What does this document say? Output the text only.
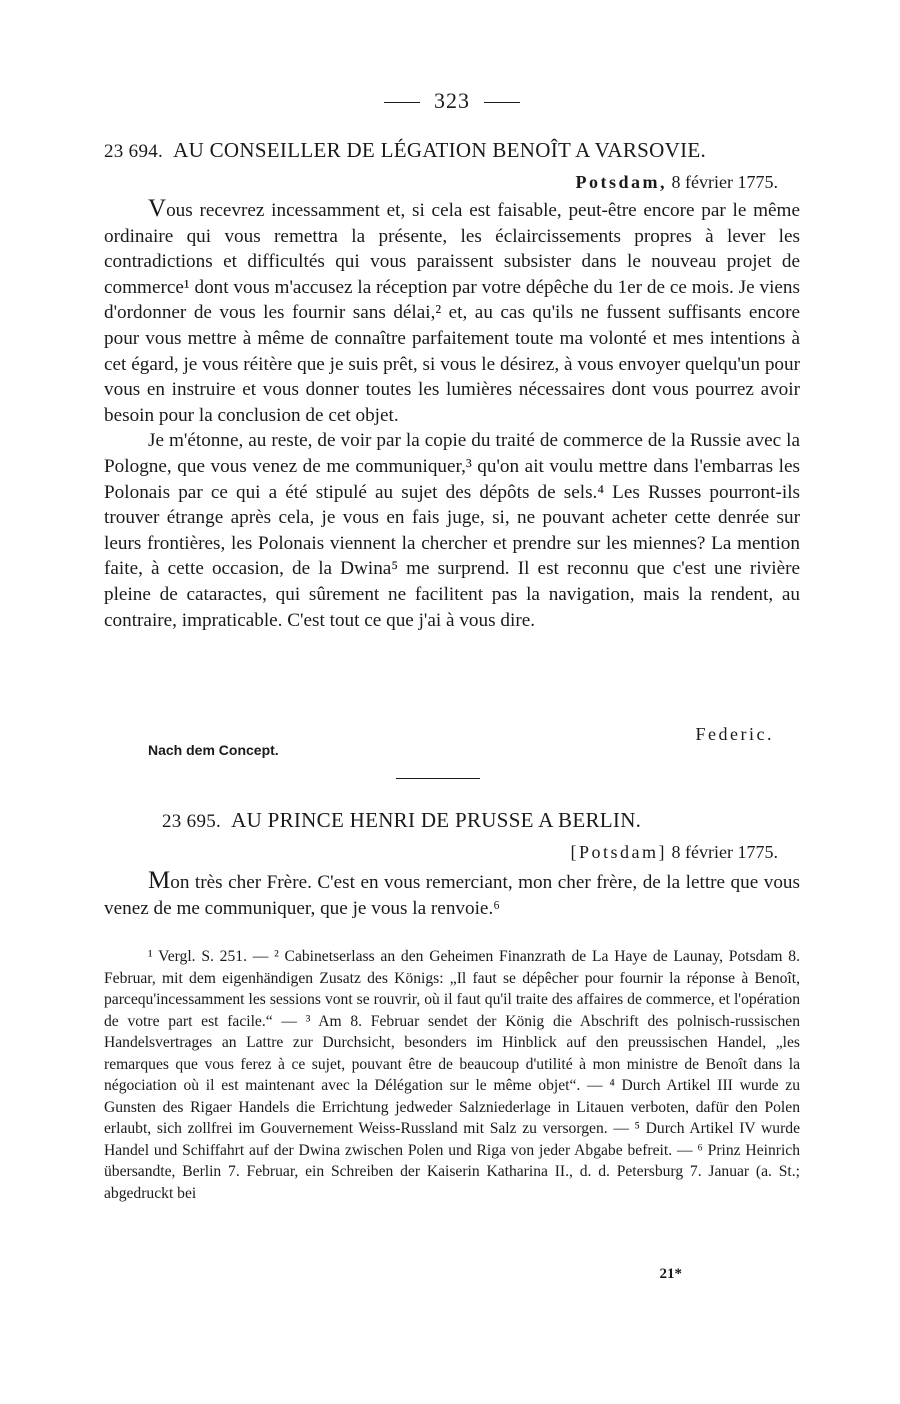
323
23 694. AU CONSEILLER DE LÉGATION BENOÎT A VARSOVIE.
Potsdam, 8 février 1775.

Vous recevrez incessamment et, si cela est faisable, peut-être encore par le même ordinaire qui vous remettra la présente, les éclaircissements propres à lever les contradictions et difficultés qui vous paraissent subsister dans le nouveau projet de commerce¹ dont vous m'accusez la réception par votre dépêche du 1er de ce mois. Je viens d'ordonner de vous les fournir sans délai,² et, au cas qu'ils ne fussent suffisants encore pour vous mettre à même de connaître parfaitement toute ma volonté et mes intentions à cet égard, je vous réitère que je suis prêt, si vous le désirez, à vous envoyer quelqu'un pour vous en instruire et vous donner toutes les lumières nécessaires dont vous pourrez avoir besoin pour la conclusion de cet objet.

Je m'étonne, au reste, de voir par la copie du traité de commerce de la Russie avec la Pologne, que vous venez de me communiquer,³ qu'on ait voulu mettre dans l'embarras les Polonais par ce qui a été stipulé au sujet des dépôts de sels.⁴ Les Russes pourront-ils trouver étrange après cela, je vous en fais juge, si, ne pouvant acheter cette denrée sur leurs frontières, les Polonais viennent la chercher et prendre sur les miennes? La mention faite, à cette occasion, de la Dwina⁵ me surprend. Il est reconnu que c'est une rivière pleine de cataractes, qui sûrement ne facilitent pas la navigation, mais la rendent, au contraire, impraticable. C'est tout ce que j'ai à vous dire.

Federic.
Nach dem Concept.
23 695. AU PRINCE HENRI DE PRUSSE A BERLIN.
[Potsdam] 8 février 1775.

Mon très cher Frère. C'est en vous remerciant, mon cher frère, de la lettre que vous venez de me communiquer, que je vous la renvoie.⁶

¹ Vergl. S. 251. — ² Cabinetserlass an den Geheimen Finanzrath de La Haye de Launay, Potsdam 8. Februar, mit dem eigenhändigen Zusatz des Königs: „Il faut se dépêcher pour fournir la réponse à Benoît, parcequ'incessamment les sessions vont se rouvrir, où il faut qu'il traite des affaires de commerce, et l'opération de votre part est facile.“ — ³ Am 8. Februar sendet der König die Abschrift des polnisch-russischen Handelsvertrages an Lattre zur Durchsicht, besonders im Hinblick auf den preussischen Handel, „les remarques que vous ferez à ce sujet, pouvant être de beaucoup d'utilité à mon ministre de Benoît dans la négociation où il est maintenant avec la Délégation sur le même objet“. — ⁴ Durch Artikel III wurde zu Gunsten des Rigaer Handels die Errichtung jedweder Salzniederlage in Litauen verboten, dafür den Polen erlaubt, sich zollfrei im Gouvernement Weiss-Russland mit Salz zu versorgen. — ⁵ Durch Artikel IV wurde Handel und Schiffahrt auf der Dwina zwischen Polen und Riga von jeder Abgabe befreit. — ⁶ Prinz Heinrich übersandte, Berlin 7. Februar, ein Schreiben der Kaiserin Katharina II., d. d. Petersburg 7. Januar (a. St.; abgedruckt bei

21*
